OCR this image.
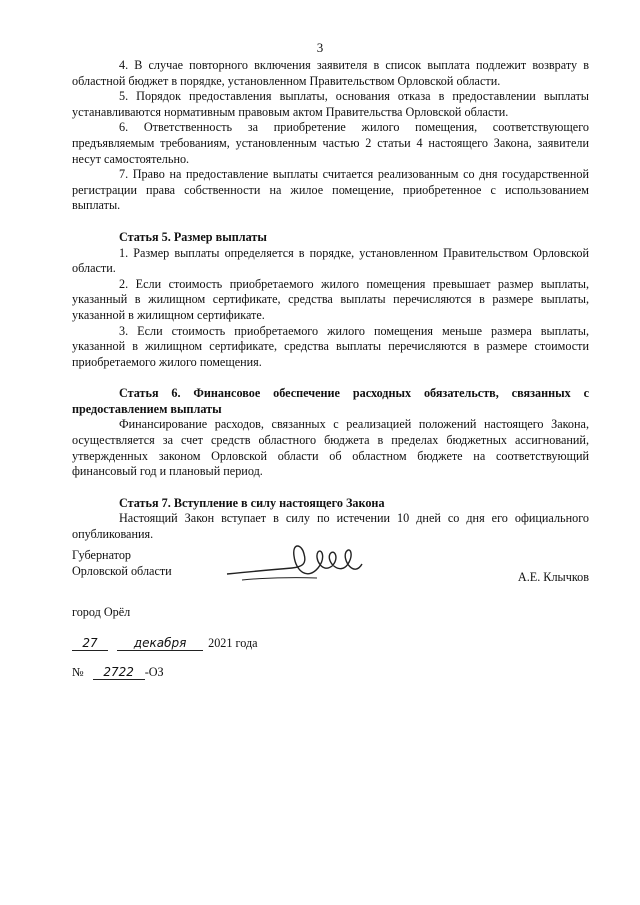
3

4. В случае повторного включения заявителя в список выплата подлежит возврату в областной бюджет в порядке, установленном Правительством Орловской области.

5. Порядок предоставления выплаты, основания отказа в предоставлении выплаты устанавливаются нормативным правовым актом Правительства Орловской области.

6. Ответственность за приобретение жилого помещения, соответствующего предъявляемым требованиям, установленным частью 2 статьи 4 настоящего Закона, заявители несут самостоятельно.

7. Право на предоставление выплаты считается реализованным со дня государственной регистрации права собственности на жилое помещение, приобретенное с использованием выплаты.

Статья 5. Размер выплаты

1. Размер выплаты определяется в порядке, установленном Правительством Орловской области.

2. Если стоимость приобретаемого жилого помещения превышает размер выплаты, указанный в жилищном сертификате, средства выплаты перечисляются в размере выплаты, указанной в жилищном сертификате.

3. Если стоимость приобретаемого жилого помещения меньше размера выплаты, указанной в жилищном сертификате, средства выплаты перечисляются в размере стоимости приобретаемого жилого помещения.

Статья 6. Финансовое обеспечение расходных обязательств, связанных с предоставлением выплаты

Финансирование расходов, связанных с реализацией положений настоящего Закона, осуществляется за счет средств областного бюджета в пределах бюджетных ассигнований, утвержденных законом Орловской области об областном бюджете на соответствующий финансовый год и плановый период.

Статья 7. Вступление в силу настоящего Закона

Настоящий Закон вступает в силу по истечении 10 дней со дня его официального опубликования.

Губернатор
Орловской области	А.Е. Клычков
город Орёл
27	декабря 2021 года
№ 2722 -ОЗ
